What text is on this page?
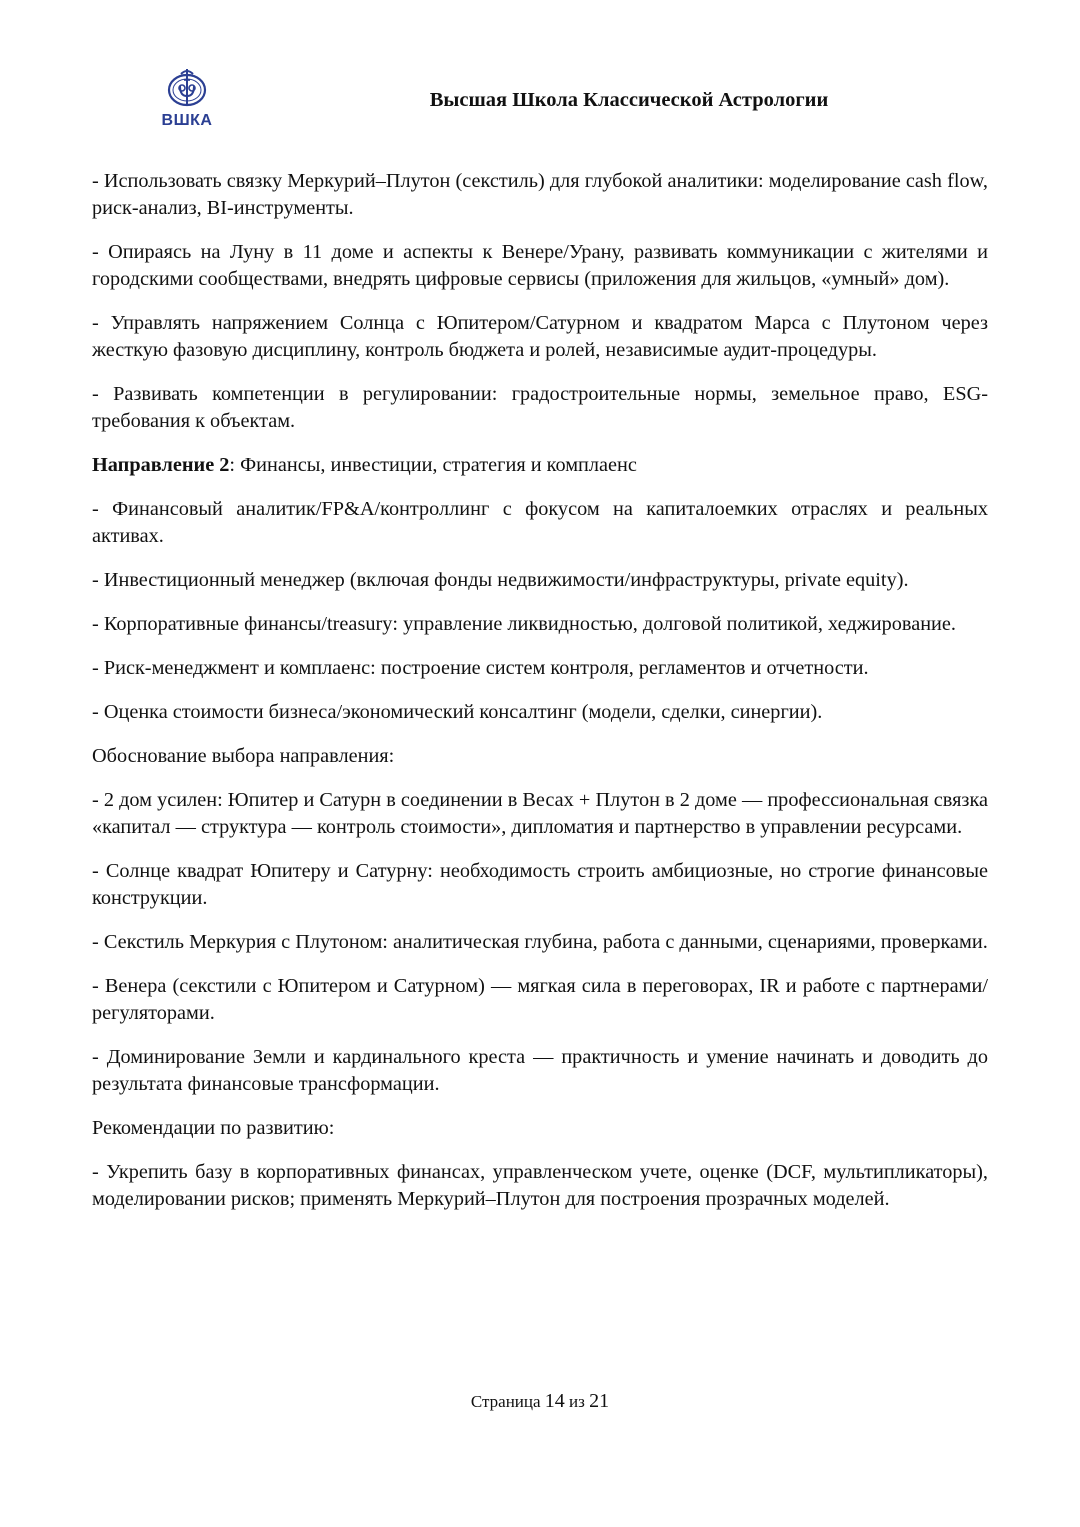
ВШКА
Высшая Школа Классической Астрологии

- Использовать связку Меркурий–Плутон (секстиль) для глубокой аналитики: моделирование cash flow, риск-анализ, BI-инструменты.

- Опираясь на Луну в 11 доме и аспекты к Венере/Урану, развивать коммуникации с жителями и городскими сообществами, внедрять цифровые сервисы (приложения для жильцов, «умный» дом).

- Управлять напряжением Солнца с Юпитером/Сатурном и квадратом Марса с Плутоном через жесткую фазовую дисциплину, контроль бюджета и ролей, независимые аудит-процедуры.

- Развивать компетенции в регулировании: градостроительные нормы, земельное право, ESG-требования к объектам.

Направление 2: Финансы, инвестиции, стратегия и комплаенс

- Финансовый аналитик/FP&A/контроллинг с фокусом на капиталоемких отраслях и реальных активах.

- Инвестиционный менеджер (включая фонды недвижимости/инфраструктуры, private equity).

- Корпоративные финансы/treasury: управление ликвидностью, долговой политикой, хеджирование.

- Риск-менеджмент и комплаенс: построение систем контроля, регламентов и отчетности.

- Оценка стоимости бизнеса/экономический консалтинг (модели, сделки, синергии).

Обоснование выбора направления:

- 2 дом усилен: Юпитер и Сатурн в соединении в Весах + Плутон в 2 доме — профессиональная связка «капитал — структура — контроль стоимости», дипломатия и партнерство в управлении ресурсами.

- Солнце квадрат Юпитеру и Сатурну: необходимость строить амбициозные, но строгие финансовые конструкции.

- Секстиль Меркурия с Плутоном: аналитическая глубина, работа с данными, сценариями, проверками.

- Венера (секстили с Юпитером и Сатурном) — мягкая сила в переговорах, IR и работе с партнерами/регуляторами.

- Доминирование Земли и кардинального креста — практичность и умение начинать и доводить до результата финансовые трансформации.

Рекомендации по развитию:

- Укрепить базу в корпоративных финансах, управленческом учете, оценке (DCF, мультипликаторы), моделировании рисков; применять Меркурий–Плутон для построения прозрачных моделей.

Страница 14 из 21
